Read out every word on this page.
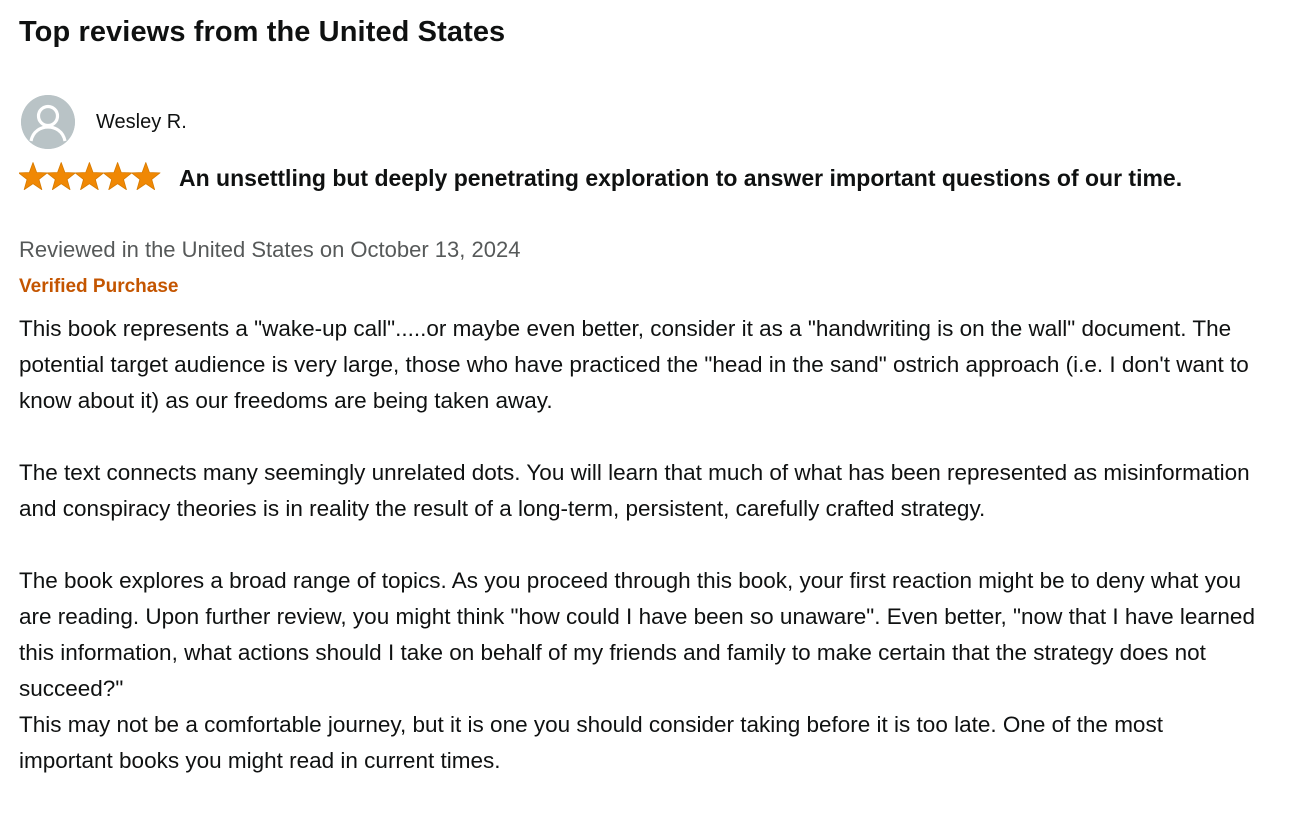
Top reviews from the United States
Wesley R.
An unsettling but deeply penetrating exploration to answer important questions of our time.
Reviewed in the United States on October 13, 2024
Verified Purchase

This book represents a "wake-up call".....or maybe even better, consider it as a "handwriting is on the wall" document. The potential target audience is very large, those who have practiced the "head in the sand" ostrich approach (i.e. I don't want to know about it) as our freedoms are being taken away.

The text connects many seemingly unrelated dots. You will learn that much of what has been represented as misinformation and conspiracy theories is in reality the result of a long-term, persistent, carefully crafted strategy.

The book explores a broad range of topics. As you proceed through this book, your first reaction might be to deny what you are reading. Upon further review, you might think "how could I have been so unaware". Even better, "now that I have learned this information, what actions should I take on behalf of my friends and family to make certain that the strategy does not succeed?"

This may not be a comfortable journey, but it is one you should consider taking before it is too late. One of the most important books you might read in current times.
